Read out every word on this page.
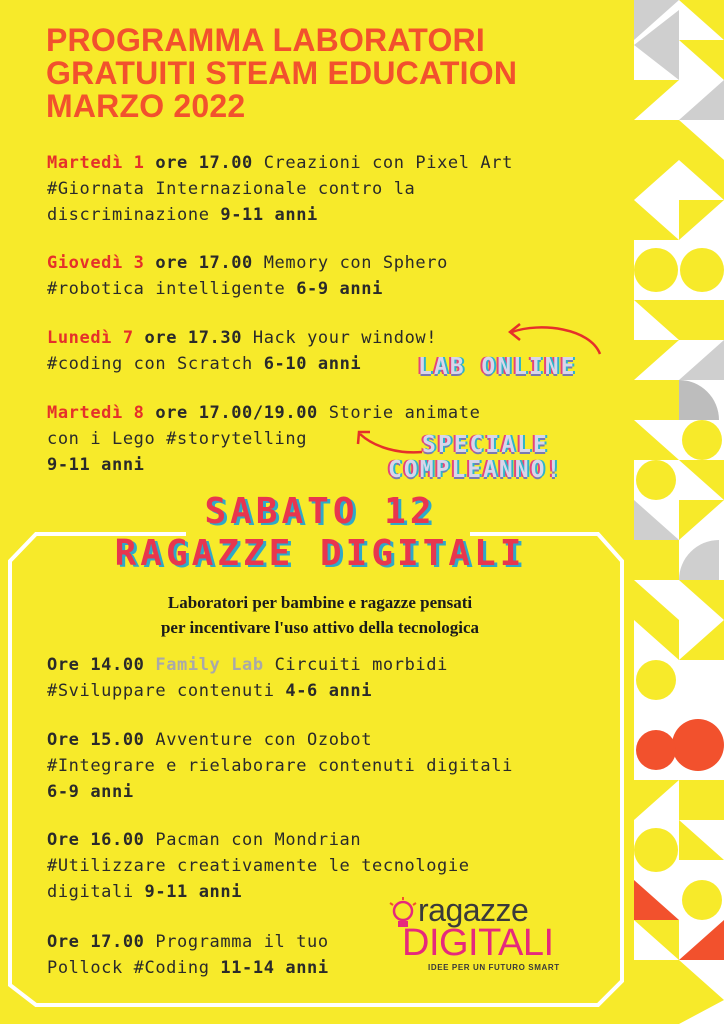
PROGRAMMA LABORATORI
GRATUITI STEAM EDUCATION
MARZO 2022
Martedì 1 ore 17.00 Creazioni con Pixel Art
#Giornata Internazionale contro la
discriminazione 9-11 anni
Giovedì 3 ore 17.00 Memory con Sphero
#robotica intelligente 6-9 anni
Lunedì 7 ore 17.30 Hack your window!
#coding con Scratch 6-10 anni
Martedì 8 ore 17.00/19.00 Storie animate
con i Lego #storytelling
9-11 anni
LAB ONLINE
SPECIALE
COMPLEANNO!
SABATO 12
RAGAZZE DIGITALI
Laboratori per bambine e ragazze pensati
per incentivare l'uso attivo della tecnologica
Ore 14.00 Family Lab Circuiti morbidi
#Sviluppare contenuti 4-6 anni
Ore 15.00 Avventure con Ozobot
#Integrare e rielaborare contenuti digitali
6-9 anni
Ore 16.00 Pacman con Mondrian
#Utilizzare creativamente le tecnologie
digitali 9-11 anni
Ore 17.00 Programma il tuo
Pollock #Coding 11-14 anni
ragazze
DIGITALI
IDEE PER UN FUTURO SMART
